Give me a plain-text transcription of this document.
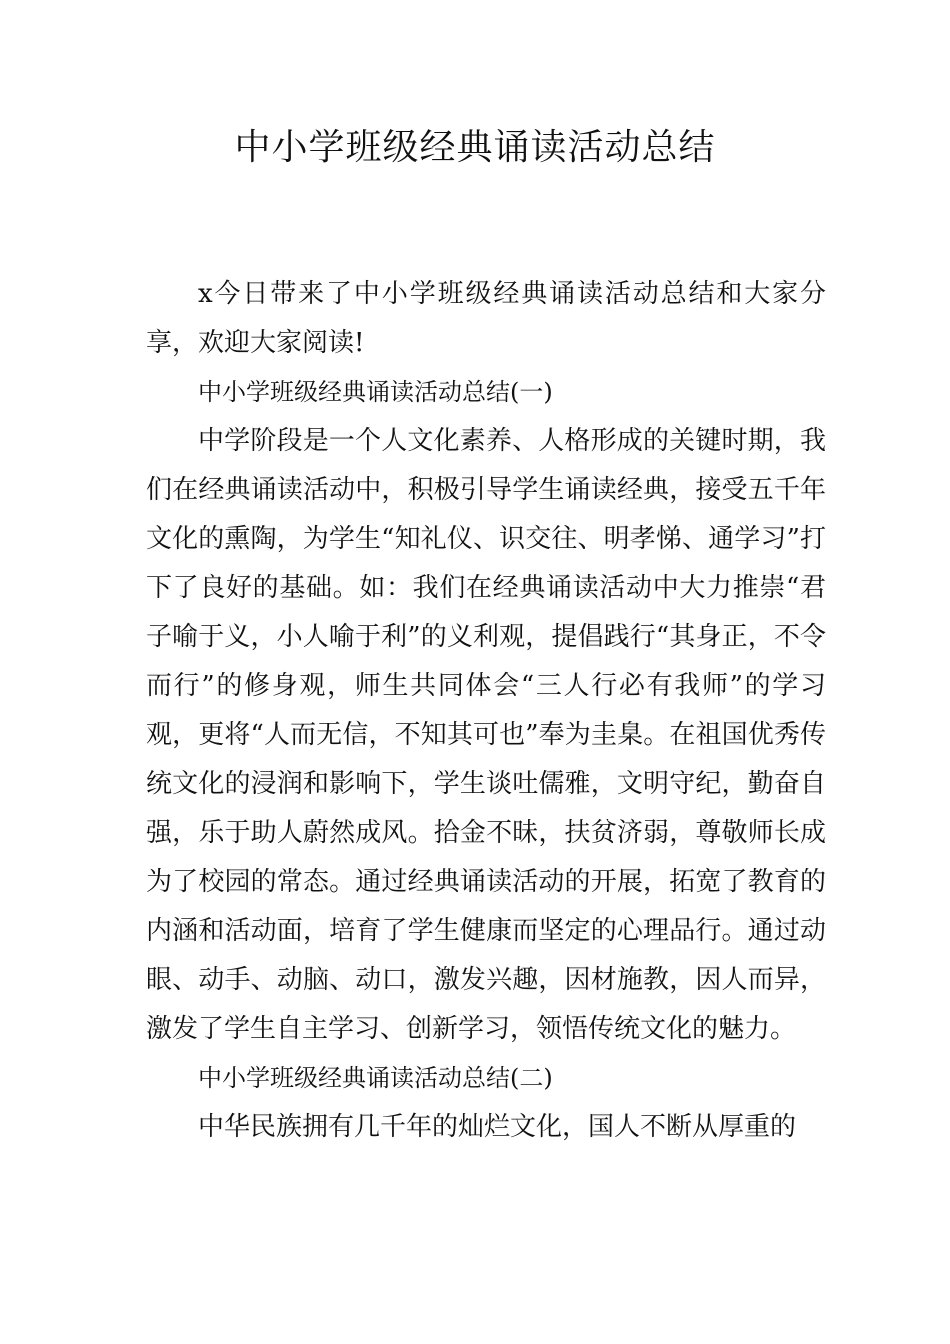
中小学班级经典诵读活动总结

x今日带来了中小学班级经典诵读活动总结和大家分享，欢迎大家阅读!

中小学班级经典诵读活动总结(一)

中学阶段是一个人文化素养、人格形成的关键时期，我们在经典诵读活动中，积极引导学生诵读经典，接受五千年文化的熏陶，为学生“知礼仪、识交往、明孝悌、通学习”打下了良好的基础。如：我们在经典诵读活动中大力推崇“君子喻于义，小人喻于利”的义利观，提倡践行“其身正，不令而行”的修身观，师生共同体会“三人行必有我师”的学习观，更将“人而无信，不知其可也”奉为圭臬。在祖国优秀传统文化的浸润和影响下，学生谈吐儒雅，文明守纪，勤奋自强，乐于助人蔚然成风。拾金不昧，扶贫济弱，尊敬师长成为了校园的常态。通过经典诵读活动的开展，拓宽了教育的内涵和活动面，培育了学生健康而坚定的心理品行。通过动眼、动手、动脑、动口，激发兴趣，因材施教，因人而异，激发了学生自主学习、创新学习，领悟传统文化的魅力。

中小学班级经典诵读活动总结(二)

中华民族拥有几千年的灿烂文化，国人不断从厚重的
